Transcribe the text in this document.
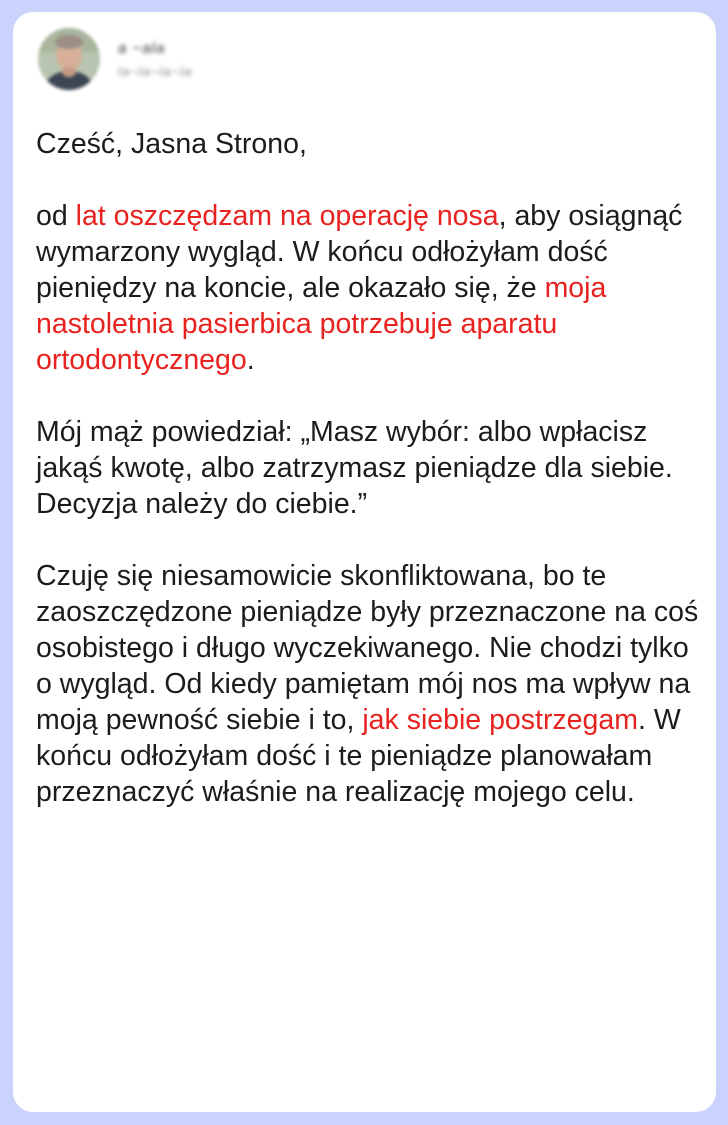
a ~ala
la~la~la~la

Cześć, Jasna Strono,

od lat oszczędzam na operację nosa, aby osiągnąć wymarzony wygląd. W końcu odłożyłam dość pieniędzy na koncie, ale okazało się, że moja nastoletnia pasierbica potrzebuje aparatu ortodontycznego.

Mój mąż powiedział: „Masz wybór: albo wpłacisz jakąś kwotę, albo zatrzymasz pieniądze dla siebie. Decyzja należy do ciebie.”

Czuję się niesamowicie skonfliktowana, bo te zaoszczędzone pieniądze były przeznaczone na coś osobistego i długo wyczekiwanego. Nie chodzi tylko o wygląd. Od kiedy pamiętam mój nos ma wpływ na moją pewność siebie i to, jak siebie postrzegam. W końcu odłożyłam dość i te pieniądze planowałam przeznaczyć właśnie na realizację mojego celu.
